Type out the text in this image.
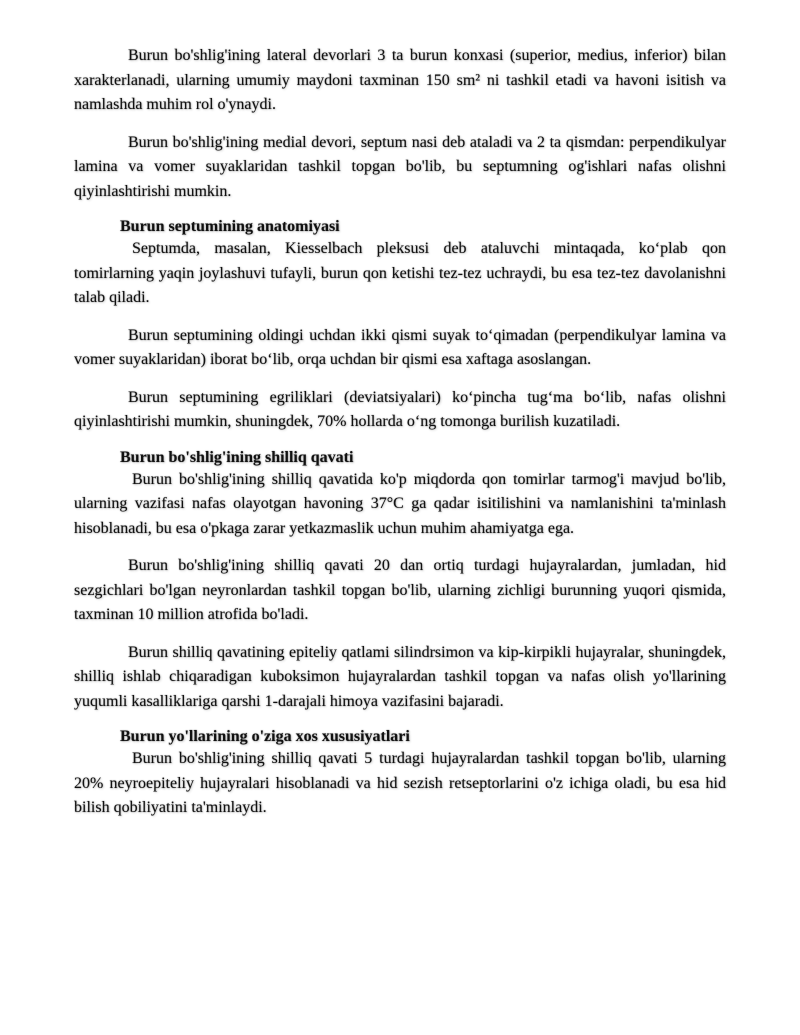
Burun bo'shlig'ining lateral devorlari 3 ta burun konxasi (superior, medius, inferior) bilan xarakterlanadi, ularning umumiy maydoni taxminan 150 sm² ni tashkil etadi va havoni isitish va namlashda muhim rol o'ynaydi.

Burun bo'shlig'ining medial devori, septum nasi deb ataladi va 2 ta qismdan: perpendikulyar lamina va vomer suyaklaridan tashkil topgan bo'lib, bu septumning og'ishlari nafas olishni qiyinlashtirishi mumkin.

Burun septumining anatomiyasi

Septumda, masalan, Kiesselbach pleksusi deb ataluvchi mintaqada, ko‘plab qon tomirlarning yaqin joylashuvi tufayli, burun qon ketishi tez-tez uchraydi, bu esa tez-tez davolanishni talab qiladi.

Burun septumining oldingi uchdan ikki qismi suyak to‘qimadan (perpendikulyar lamina va vomer suyaklaridan) iborat bo‘lib, orqa uchdan bir qismi esa xaftaga asoslangan.

Burun septumining egriliklari (deviatsiyalari) ko‘pincha tug‘ma bo‘lib, nafas olishni qiyinlashtirishi mumkin, shuningdek, 70% hollarda o‘ng tomonga burilish kuzatiladi.

Burun bo'shlig'ining shilliq qavati

Burun bo'shlig'ining shilliq qavatida ko'p miqdorda qon tomirlar tarmog'i mavjud bo'lib, ularning vazifasi nafas olayotgan havoning 37°C ga qadar isitilishini va namlanishini ta'minlash hisoblanadi, bu esa o'pkaga zarar yetkazmaslik uchun muhim ahamiyatga ega.

Burun bo'shlig'ining shilliq qavati 20 dan ortiq turdagi hujayralardan, jumladan, hid sezgichlari bo'lgan neyronlardan tashkil topgan bo'lib, ularning zichligi burunning yuqori qismida, taxminan 10 million atrofida bo'ladi.

Burun shilliq qavatining epiteliy qatlami silindrsimon va kip-kirpikli hujayralar, shuningdek, shilliq ishlab chiqaradigan kuboksimon hujayralardan tashkil topgan va nafas olish yo'llarining yuqumli kasalliklariga qarshi 1-darajali himoya vazifasini bajaradi.

Burun yo'llarining o'ziga xos xususiyatlari

Burun bo'shlig'ining shilliq qavati 5 turdagi hujayralardan tashkil topgan bo'lib, ularning 20% neyroepiteliy hujayralari hisoblanadi va hid sezish retseptorlarini o'z ichiga oladi, bu esa hid bilish qobiliyatini ta'minlaydi.
